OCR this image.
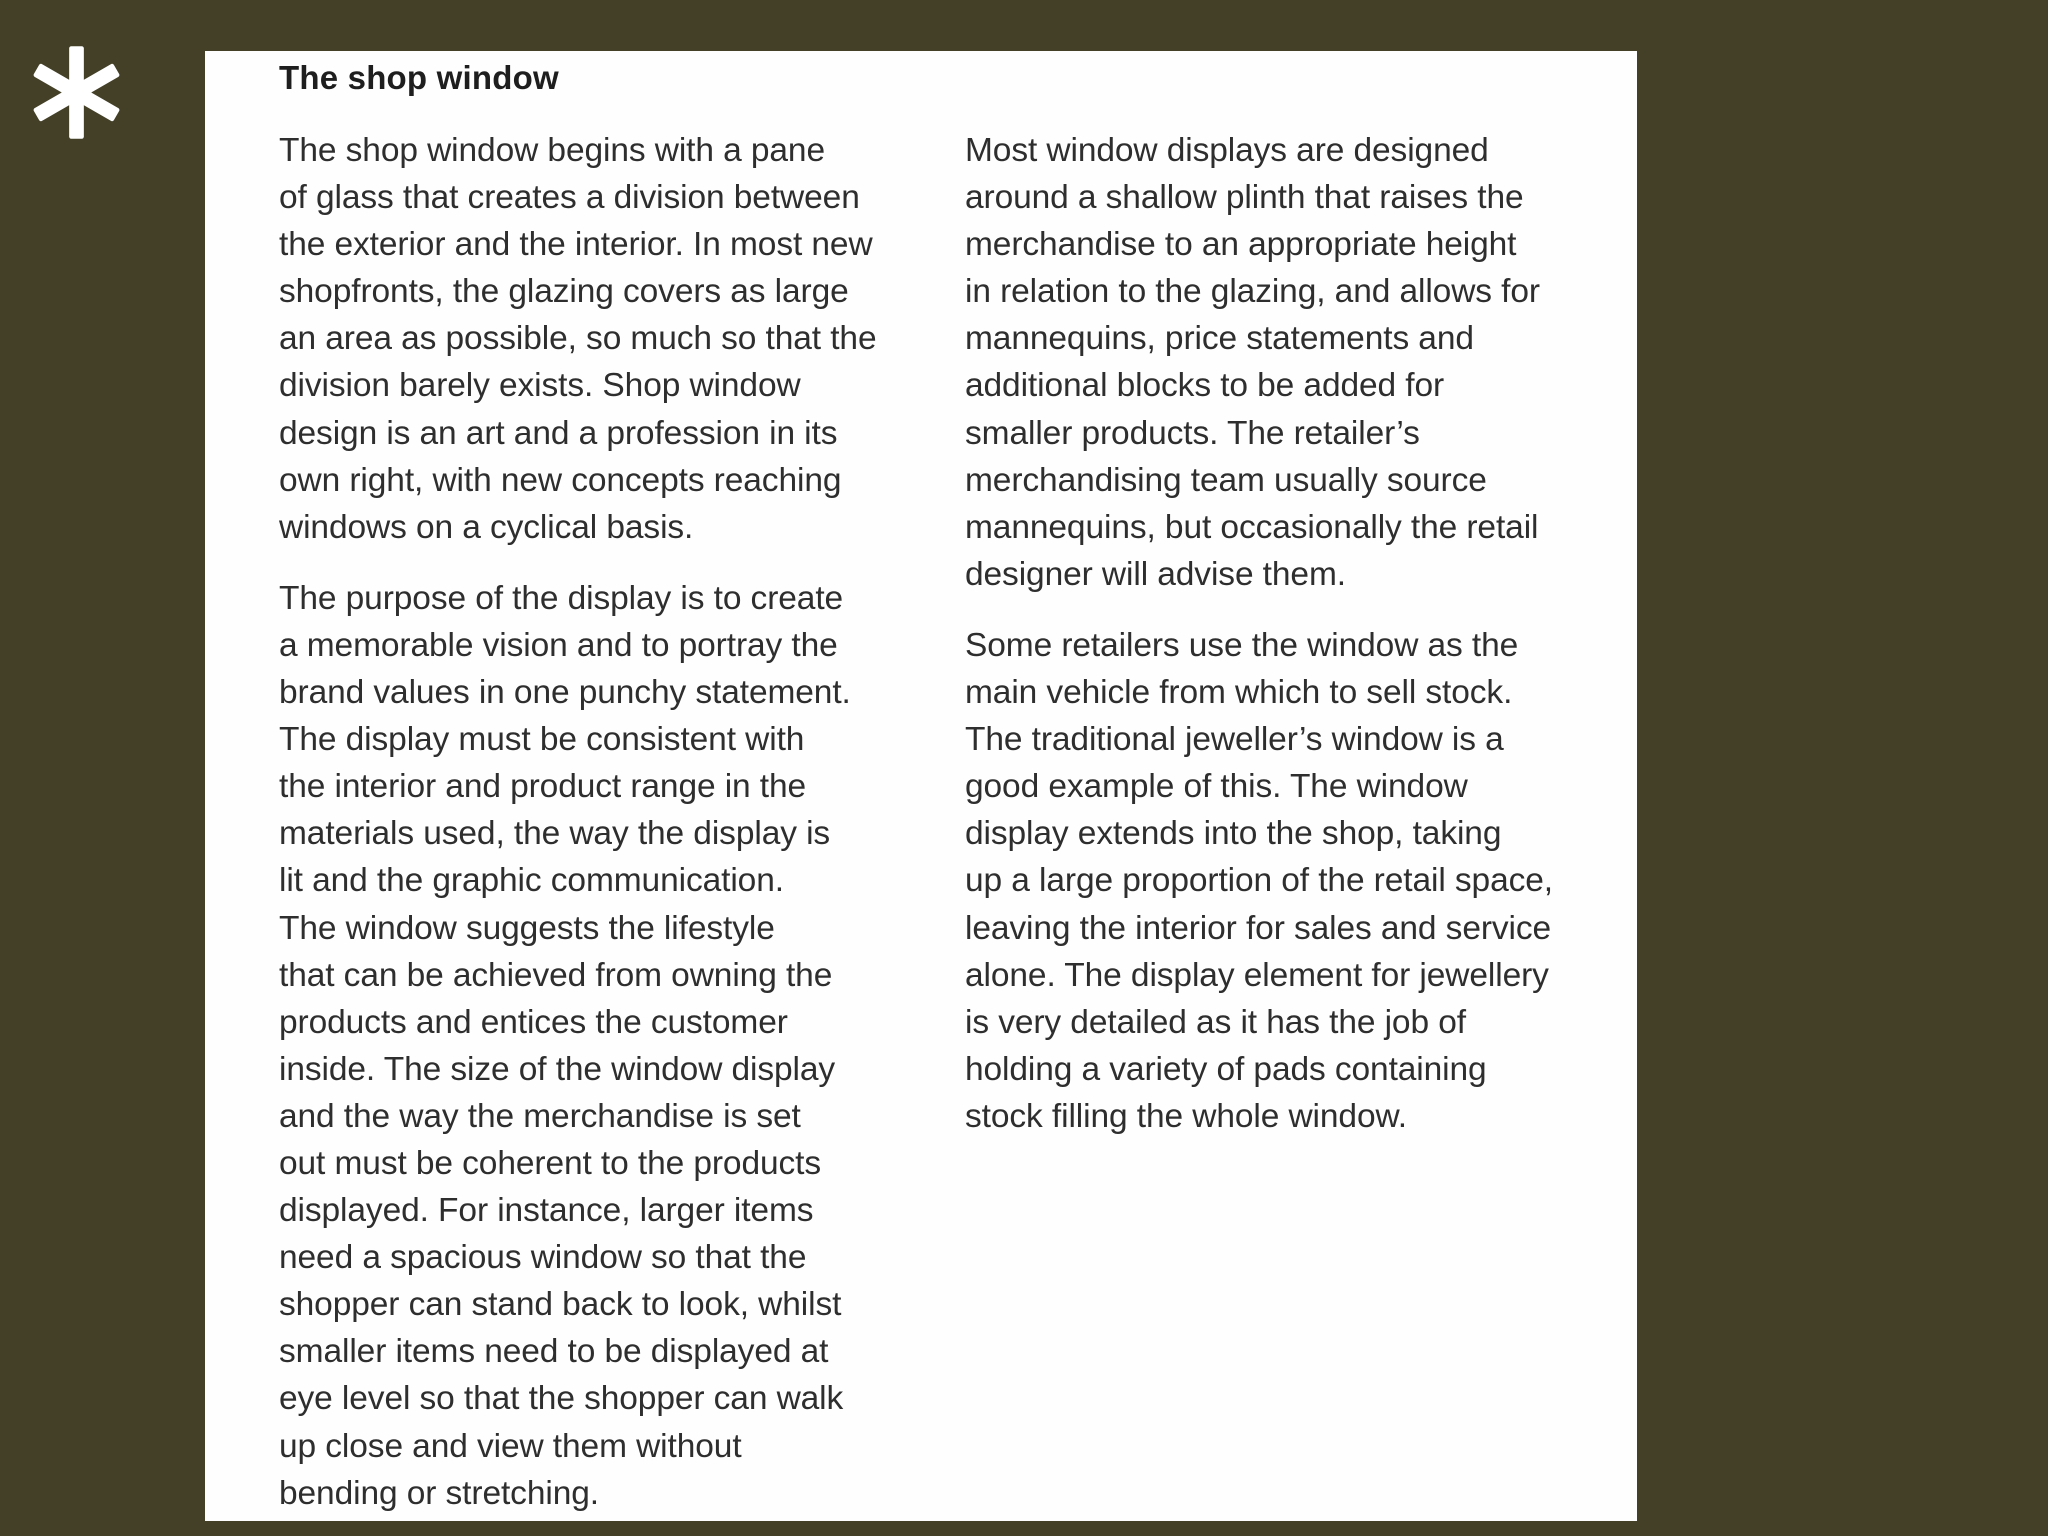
The shop window

The shop window begins with a pane
of glass that creates a division between
the exterior and the interior. In most new
shopfronts, the glazing covers as large
an area as possible, so much so that the
division barely exists. Shop window
design is an art and a profession in its
own right, with new concepts reaching
windows on a cyclical basis.

The purpose of the display is to create
a memorable vision and to portray the
brand values in one punchy statement.
The display must be consistent with
the interior and product range in the
materials used, the way the display is
lit and the graphic communication.
The window suggests the lifestyle
that can be achieved from owning the
products and entices the customer
inside. The size of the window display
and the way the merchandise is set
out must be coherent to the products
displayed. For instance, larger items
need a spacious window so that the
shopper can stand back to look, whilst
smaller items need to be displayed at
eye level so that the shopper can walk
up close and view them without
bending or stretching.

Most window displays are designed
around a shallow plinth that raises the
merchandise to an appropriate height
in relation to the glazing, and allows for
mannequins, price statements and
additional blocks to be added for
smaller products. The retailer’s
merchandising team usually source
mannequins, but occasionally the retail
designer will advise them.

Some retailers use the window as the
main vehicle from which to sell stock.
The traditional jeweller’s window is a
good example of this. The window
display extends into the shop, taking
up a large proportion of the retail space,
leaving the interior for sales and service
alone. The display element for jewellery
is very detailed as it has the job of
holding a variety of pads containing
stock filling the whole window.
